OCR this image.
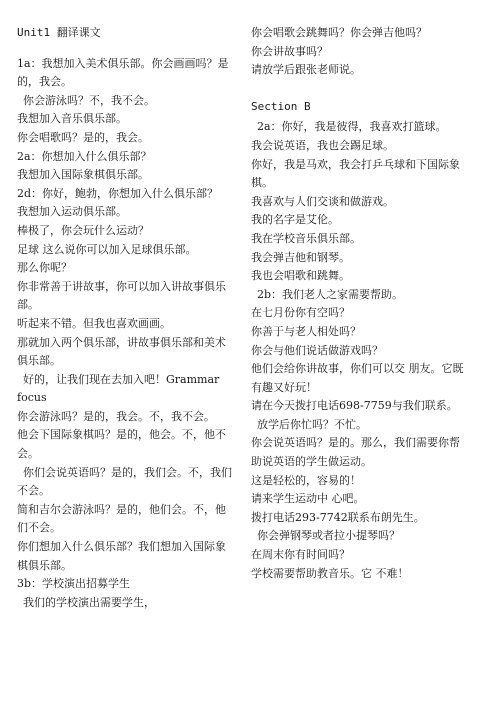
Unit1 翻译课文

1a：我想加入美术俱乐部。你会画画吗？是的，我会。

你会游泳吗？不，我不会。

我想加入音乐俱乐部。

你会唱歌吗？是的，我会。

2a：你想加入什么俱乐部？

我想加入国际象棋俱乐部。

2d：你好，鲍勃，你想加入什么俱乐部？

我想加入运动俱乐部。

棒极了，你会玩什么运动？

足球 这么说你可以加入足球俱乐部。

那么你呢？

你非常善于讲故事，你可以加入讲故事俱乐部。

听起来不错。但我也喜欢画画。

那就加入两个俱乐部，讲故事俱乐部和美术俱乐部。

好的，让我们现在去加入吧！Grammar focus

你会游泳吗？是的，我会。不，我不会。

他会下国际象棋吗？是的，他会。不，他不会。

你们会说英语吗？是的，我们会。不，我们不会。

简和吉尔会游泳吗？是的，他们会。不，他们不会。

你们想加入什么俱乐部？我们想加入国际象棋俱乐部。

3b：学校演出招募学生

我们的学校演出需要学生，

你会唱歌会跳舞吗？你会弹吉他吗？

你会讲故事吗？

请放学后跟张老师说。

Section B

2a：你好，我是彼得，我喜欢打篮球。

我会说英语，我也会踢足球。

你好，我是马欢，我会打乒乓球和下国际象棋。

我喜欢与人们交谈和做游戏。

我的名字是艾伦。

我在学校音乐俱乐部。

我会弹吉他和钢琴。

我也会唱歌和跳舞。

2b：我们老人之家需要帮助。

在七月份你有空吗？

你善于与老人相处吗？

你会与他们说话做游戏吗？

他们会给你讲故事，你们可以交 朋友。它既有趣又好玩！

请在今天拨打电话698-7759与我们联系。

放学后你忙吗？不忙。

你会说英语吗？是的。那么，我们需要你帮助说英语的学生做运动。

这是轻松的，容易的！

请来学生运动中 心吧。

拨打电话293-7742联系布朗先生。

你会弹钢琴或者拉小提琴吗？

在周末你有时间吗？

学校需要帮助教音乐。它 不难！
